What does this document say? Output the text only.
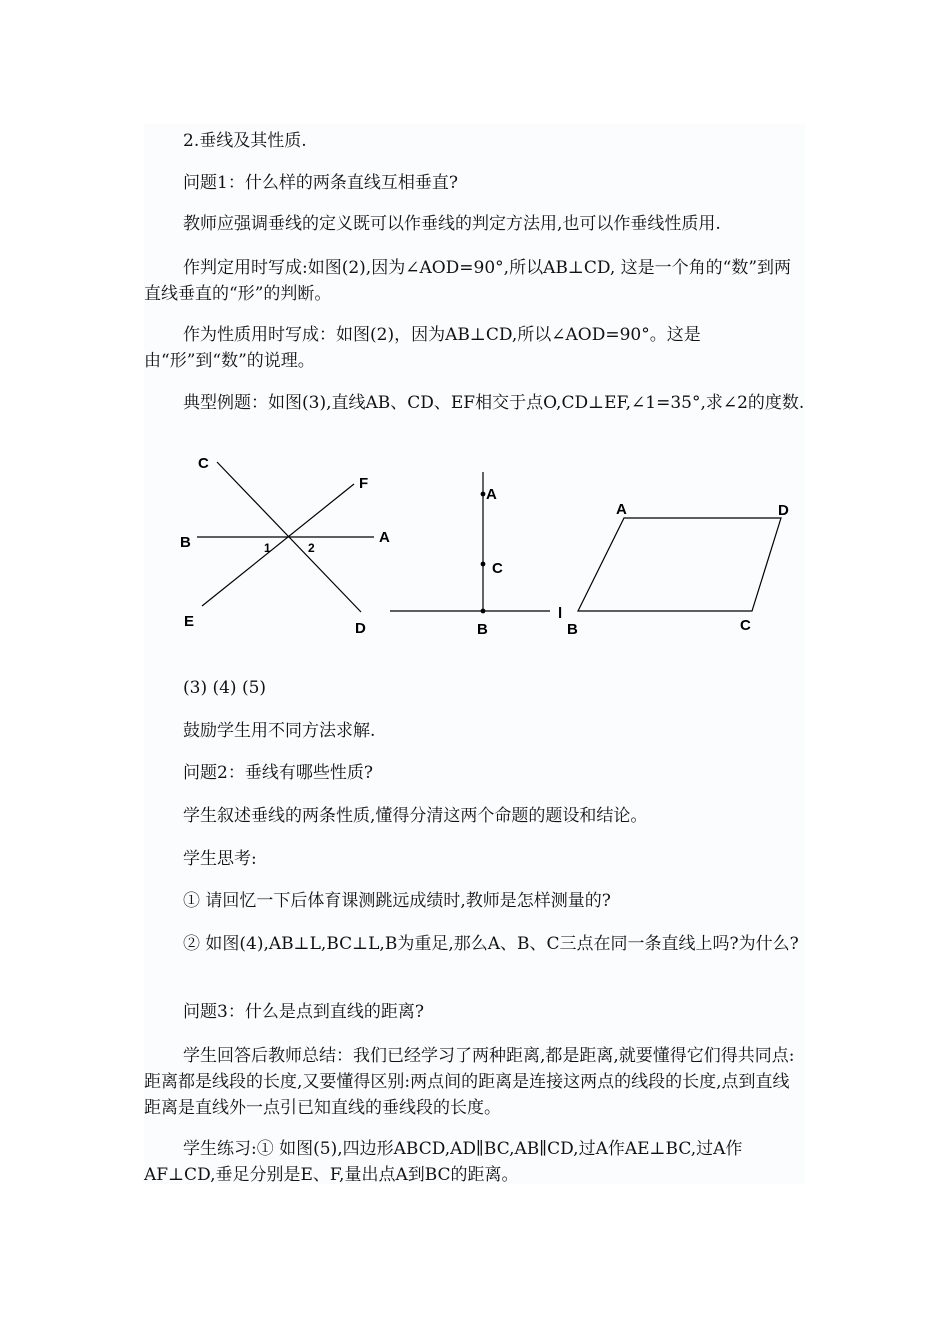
2.垂线及其性质.

问题1：什么样的两条直线互相垂直?

教师应强调垂线的定义既可以作垂线的判定方法用,也可以作垂线性质用.

作判定用时写成:如图(2),因为∠AOD=90°,所以AB⊥CD, 这是一个角的“数”到两直线垂直的“形”的判断。

作为性质用时写成：如图(2)，因为AB⊥CD,所以∠AOD=90°。这是由“形”到“数”的说理。

典型例题：如图(3),直线AB、CD、EF相交于点O,CD⊥EF,∠1=35°,求∠2的度数.

C
F
B	A
E	D
1	2
A
C
B
l
A	D
B	C

(3) (4) (5)

鼓励学生用不同方法求解.

问题2：垂线有哪些性质?

学生叙述垂线的两条性质,懂得分清这两个命题的题设和结论。

学生思考:

① 请回忆一下后体育课测跳远成绩时,教师是怎样测量的?

② 如图(4),AB⊥L,BC⊥L,B为重足,那么A、B、C三点在同一条直线上吗?为什么?

问题3：什么是点到直线的距离?

学生回答后教师总结：我们已经学习了两种距离,都是距离,就要懂得它们得共同点:距离都是线段的长度,又要懂得区别:两点间的距离是连接这两点的线段的长度,点到直线距离是直线外一点引已知直线的垂线段的长度。

学生练习:① 如图(5),四边形ABCD,AD∥BC,AB∥CD,过A作AE⊥BC,过A作AF⊥CD,垂足分别是E、F,量出点A到BC的距离。
